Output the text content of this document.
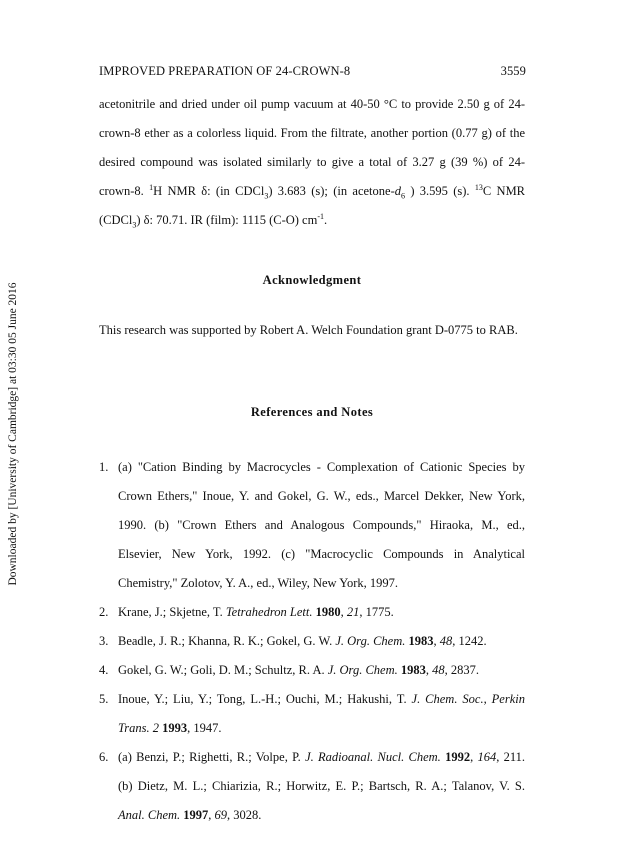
Downloaded by [University of Cambridge] at 03:30 05 June 2016
IMPROVED PREPARATION OF 24-CROWN-8	3559
acetonitrile and dried under oil pump vacuum at 40-50 °C to provide 2.50 g of 24-crown-8 ether as a colorless liquid. From the filtrate, another portion (0.77 g) of the desired compound was isolated similarly to give a total of 3.27 g (39 %) of 24-crown-8. $^1$H NMR δ: (in CDCl$_3$) 3.683 (s); (in acetone-$d_6$ ) 3.595 (s). $^{13}$C NMR (CDCl$_3$) δ: 70.71. IR (film): 1115 (C-O) $cm^{-1}$.
Acknowledgment
This research was supported by Robert A. Welch Foundation grant D-0775 to RAB.
References and Notes
1. (a) "Cation Binding by Macrocycles - Complexation of Cationic Species by Crown Ethers," Inoue, Y. and Gokel, G. W., eds., Marcel Dekker, New York, 1990. (b) "Crown Ethers and Analogous Compounds," Hiraoka, M., ed., Elsevier, New York, 1992. (c) "Macrocyclic Compounds in Analytical Chemistry," Zolotov, Y. A., ed., Wiley, New York, 1997.
2. Krane, J.; Skjetne, T. Tetrahedron Lett. 1980, 21, 1775.
3. Beadle, J. R.; Khanna, R. K.; Gokel, G. W. J. Org. Chem. 1983, 48, 1242.
4. Gokel, G. W.; Goli, D. M.; Schultz, R. A. J. Org. Chem. 1983, 48, 2837.
5. Inoue, Y.; Liu, Y.; Tong, L.-H.; Ouchi, M.; Hakushi, T. J. Chem. Soc., Perkin Trans. 2 1993, 1947.
6. (a) Benzi, P.; Righetti, R.; Volpe, P. J. Radioanal. Nucl. Chem. 1992, 164, 211. (b) Dietz, M. L.; Chiarizia, R.; Horwitz, E. P.; Bartsch, R. A.; Talanov, V. S. Anal. Chem. 1997, 69, 3028.
